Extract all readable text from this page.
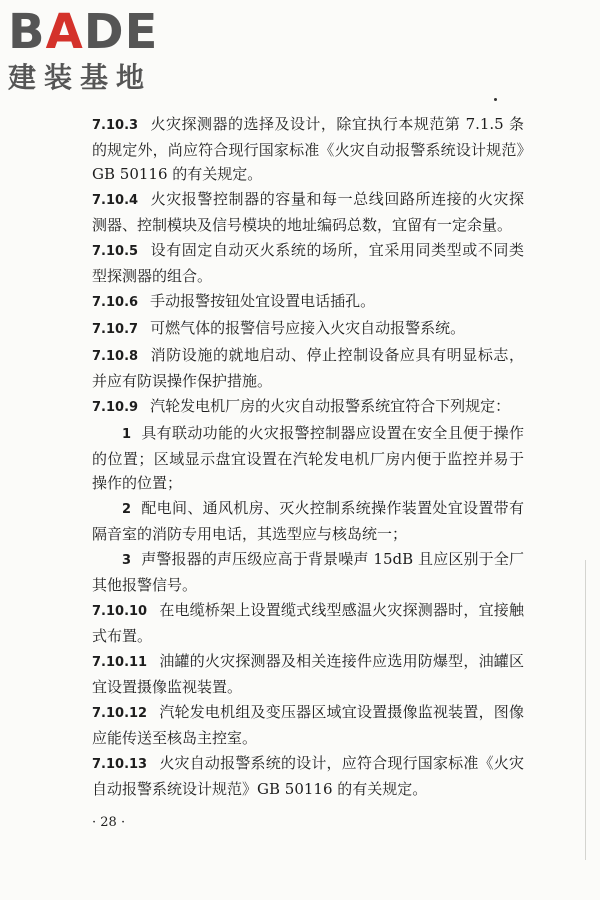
BADE
建装基地

7.10.3 火灾探测器的选择及设计，除宜执行本规范第 7.1.5 条的规定外，尚应符合现行国家标准《火灾自动报警系统设计规范》GB 50116 的有关规定。

7.10.4 火灾报警控制器的容量和每一总线回路所连接的火灾探测器、控制模块及信号模块的地址编码总数，宜留有一定余量。

7.10.5 设有固定自动灭火系统的场所，宜采用同类型或不同类型探测器的组合。

7.10.6 手动报警按钮处宜设置电话插孔。

7.10.7 可燃气体的报警信号应接入火灾自动报警系统。

7.10.8 消防设施的就地启动、停止控制设备应具有明显标志，并应有防误操作保护措施。

7.10.9 汽轮发电机厂房的火灾自动报警系统宜符合下列规定：

1 具有联动功能的火灾报警控制器应设置在安全且便于操作的位置；区域显示盘宜设置在汽轮发电机厂房内便于监控并易于操作的位置；

2 配电间、通风机房、灭火控制系统操作装置处宜设置带有隔音室的消防专用电话，其选型应与核岛统一；

3 声警报器的声压级应高于背景噪声 15dB 且应区别于全厂其他报警信号。

7.10.10 在电缆桥架上设置缆式线型感温火灾探测器时，宜接触式布置。

7.10.11 油罐的火灾探测器及相关连接件应选用防爆型，油罐区宜设置摄像监视装置。

7.10.12 汽轮发电机组及变压器区域宜设置摄像监视装置，图像应能传送至核岛主控室。

7.10.13 火灾自动报警系统的设计，应符合现行国家标准《火灾自动报警系统设计规范》GB 50116 的有关规定。

· 28 ·
